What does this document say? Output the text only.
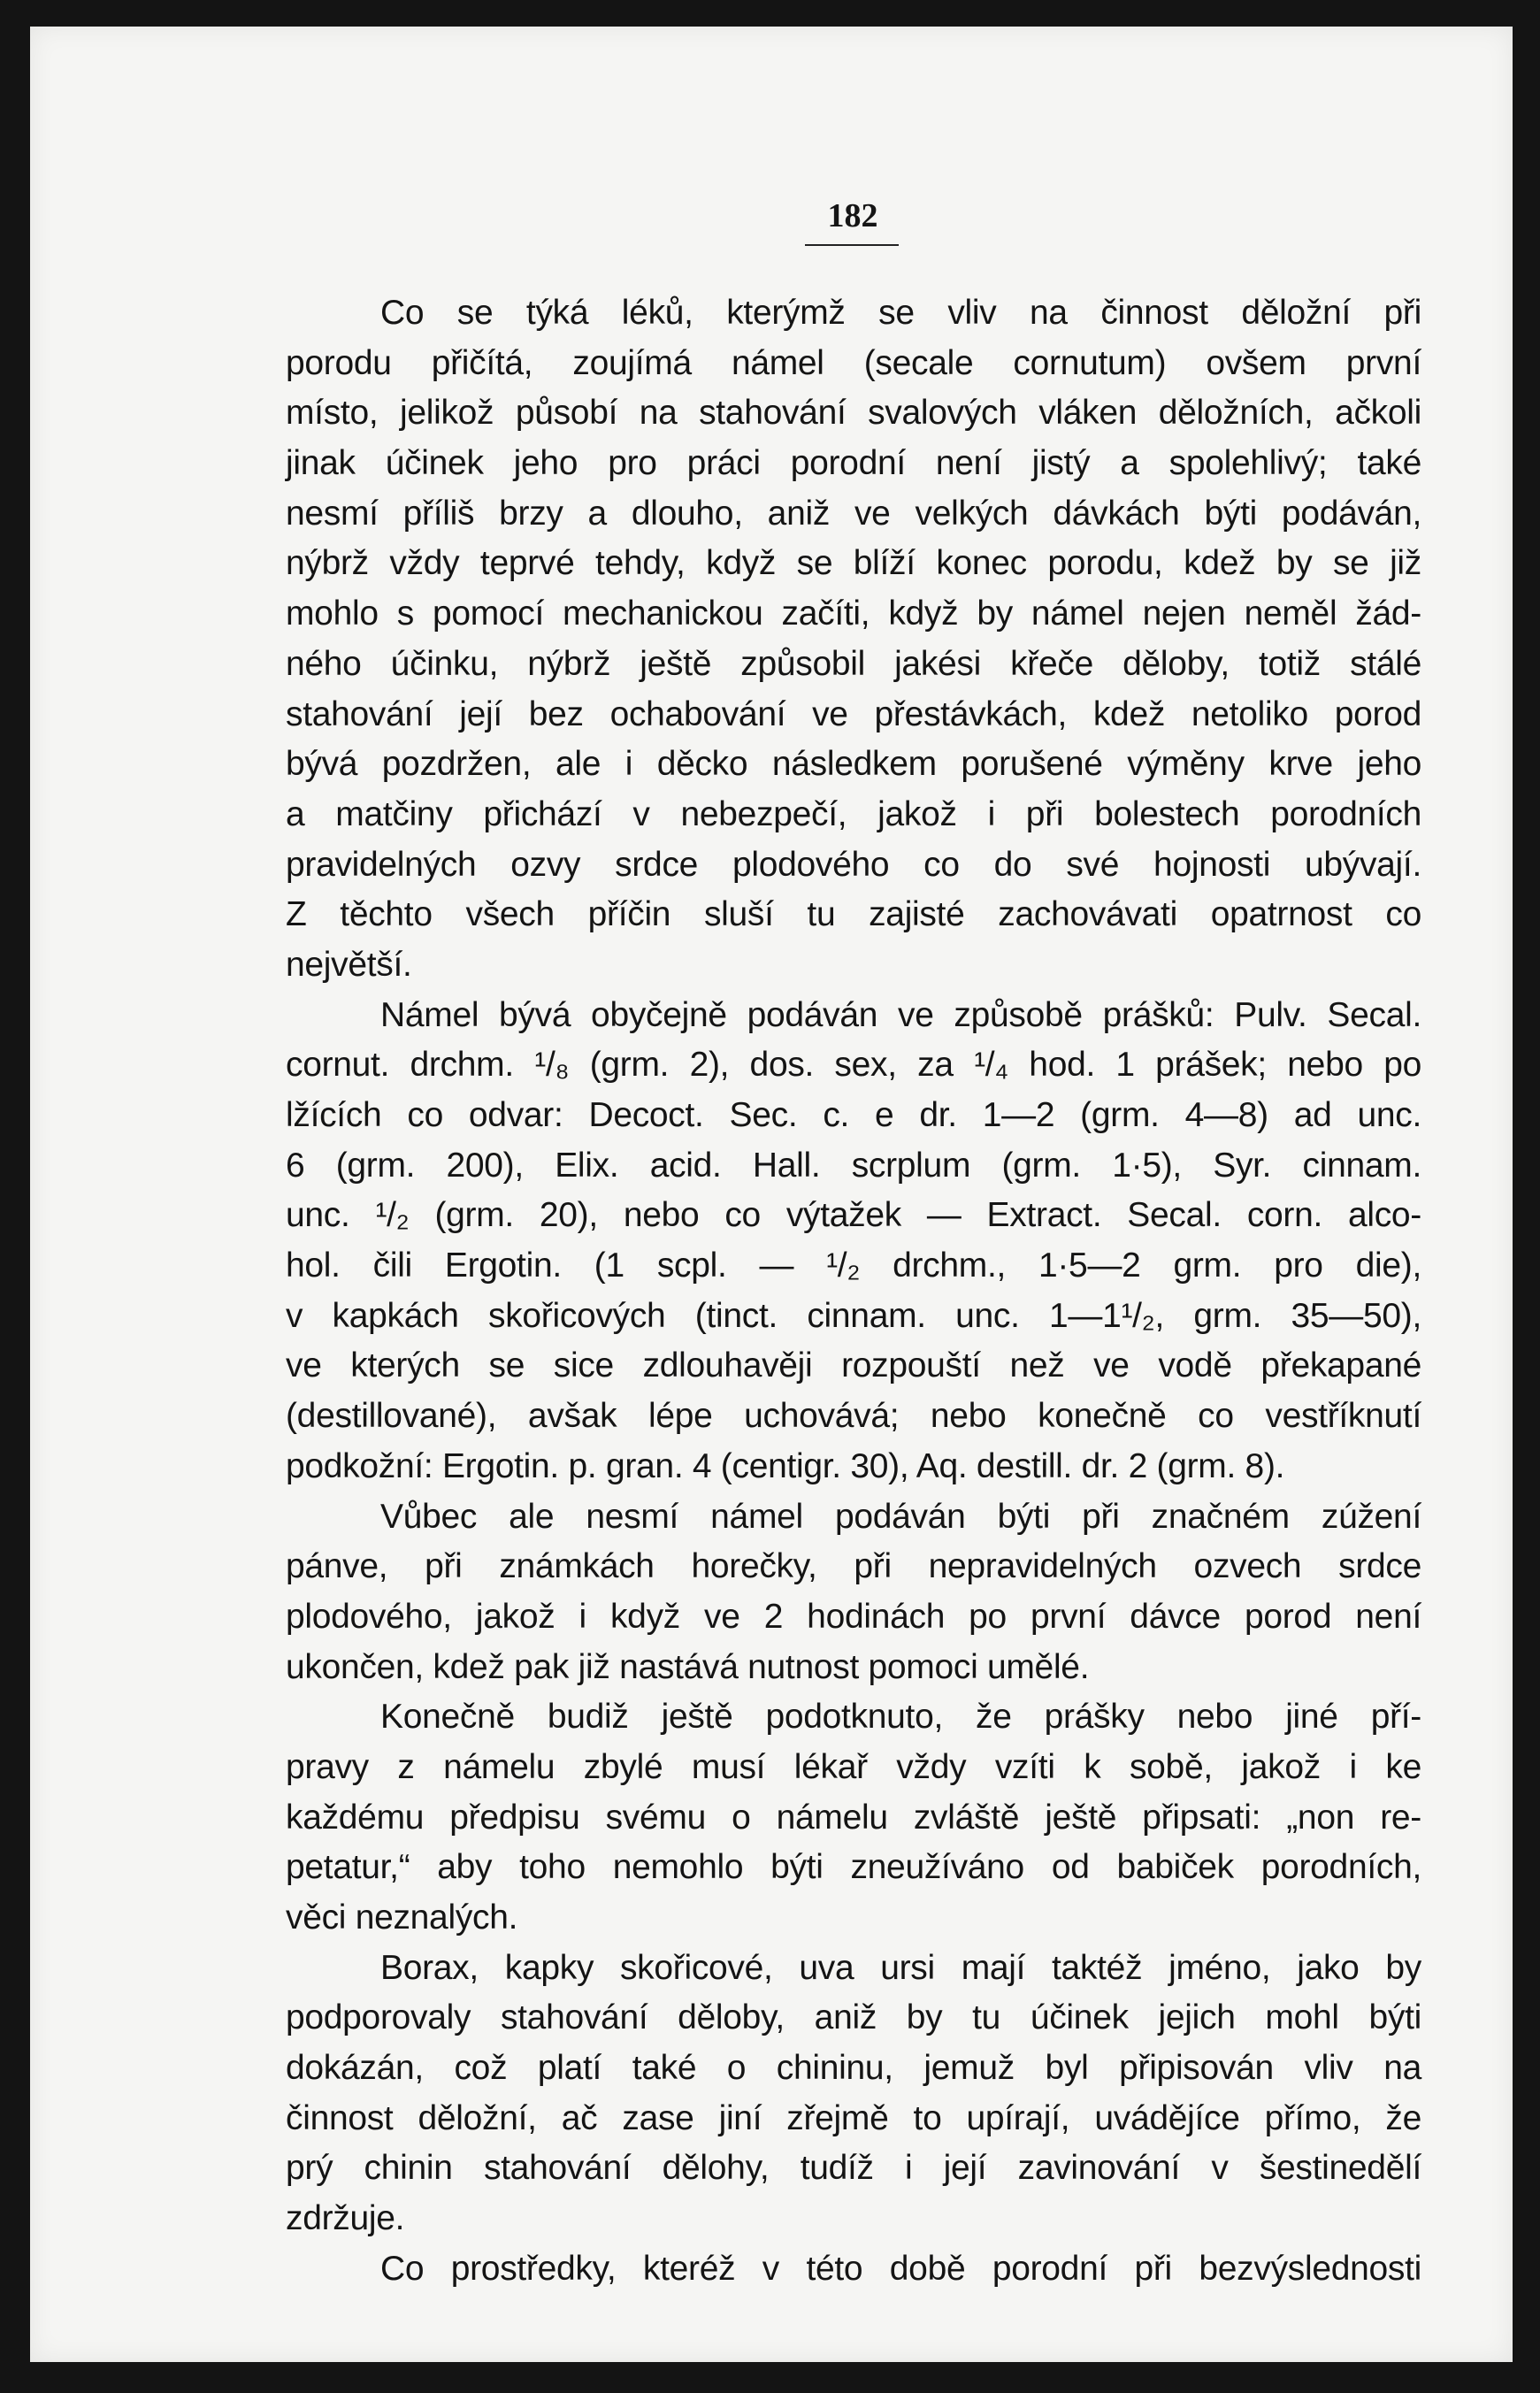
182
Co se týká léků, kterýmž se vliv na činnost děložní při
porodu přičítá, zoujímá námel (secale cornutum) ovšem první
místo, jelikož působí na stahování svalových vláken děložních, ačkoli
jinak účinek jeho pro práci porodní není jistý a spolehlivý; také
nesmí příliš brzy a dlouho, aniž ve velkých dávkách býti podáván,
nýbrž vždy teprvé tehdy, když se blíží konec porodu, kdež by se již
mohlo s pomocí mechanickou začíti, když by námel nejen neměl žád-
ného účinku, nýbrž ještě způsobil jakési křeče děloby, totiž stálé
stahování její bez ochabování ve přestávkách, kdež netoliko porod
bývá pozdržen, ale i děcko následkem porušené výměny krve jeho
a matčiny přichází v nebezpečí, jakož i při bolestech porodních
pravidelných ozvy srdce plodového co do své hojnosti ubývají.
Z těchto všech příčin sluší tu zajisté zachovávati opatrnost co
největší.
Námel bývá obyčejně podáván ve způsobě prášků: Pulv. Secal.
cornut. drchm. ¹/₈ (grm. 2), dos. sex, za ¹/₄ hod. 1 prášek; nebo po
lžících co odvar: Decoct. Sec. c. e dr. 1—2 (grm. 4—8) ad unc.
6 (grm. 200), Elix. acid. Hall. scrplum (grm. 1·5), Syr. cinnam.
unc. ¹/₂ (grm. 20), nebo co výtažek — Extract. Secal. corn. alco-
hol. čili Ergotin. (1 scpl. — ¹/₂ drchm., 1·5—2 grm. pro die),
v kapkách skořicových (tinct. cinnam. unc. 1—1¹/₂, grm. 35—50),
ve kterých se sice zdlouhavěji rozpouští než ve vodě překapané
(destillované), avšak lépe uchovává; nebo konečně co vestříknutí
podkožní: Ergotin. p. gran. 4 (centigr. 30), Aq. destill. dr. 2 (grm. 8).
Vůbec ale nesmí námel podáván býti při značném zúžení
pánve, při známkách horečky, při nepravidelných ozvech srdce
plodového, jakož i když ve 2 hodinách po první dávce porod není
ukončen, kdež pak již nastává nutnost pomoci umělé.
Konečně budiž ještě podotknuto, že prášky nebo jiné pří-
pravy z námelu zbylé musí lékař vždy vzíti k sobě, jakož i ke
každému předpisu svému o námelu zvláště ještě připsati: „non re-
petatur,“ aby toho nemohlo býti zneužíváno od babiček porodních,
věci neznalých.
Borax, kapky skořicové, uva ursi mají taktéž jméno, jako by
podporovaly stahování děloby, aniž by tu účinek jejich mohl býti
dokázán, což platí také o chininu, jemuž byl připisován vliv na
činnost děložní, ač zase jiní zřejmě to upírají, uvádějíce přímo, že
prý chinin stahování dělohy, tudíž i její zavinování v šestinedělí
zdržuje.
Co prostředky, kteréž v této době porodní při bezvýslednosti
